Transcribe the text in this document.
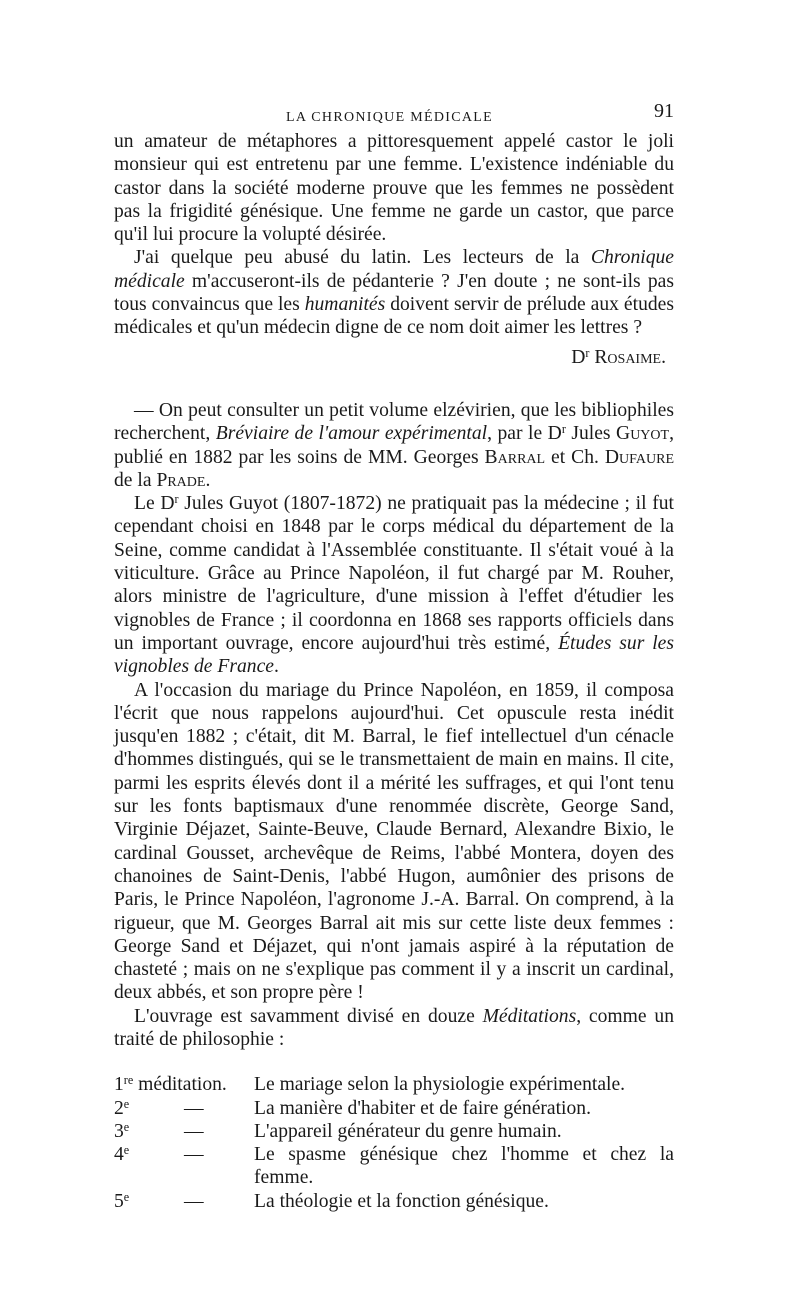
LA CHRONIQUE MÉDICALE	91

un amateur de métaphores a pittoresquement appelé castor le joli monsieur qui est entretenu par une femme. L'existence indéniable du castor dans la société moderne prouve que les femmes ne possèdent pas la frigidité génésique. Une femme ne garde un castor, que parce qu'il lui procure la volupté désirée.

J'ai quelque peu abusé du latin. Les lecteurs de la Chronique médicale m'accuseront-ils de pédanterie ? J'en doute ; ne sont-ils pas tous convaincus que les humanités doivent servir de prélude aux études médicales et qu'un médecin digne de ce nom doit aimer les lettres ?

$D^r$ Rosaime.

— On peut consulter un petit volume elzévirien, que les bibliophiles recherchent, Bréviaire de l'amour expérimental, par le $D^r$ Jules Guyot, publié en 1882 par les soins de MM. Georges Barral et Ch. Dufaure de la Prade.

Le $D^r$ Jules Guyot (1807-1872) ne pratiquait pas la médecine ; il fut cependant choisi en 1848 par le corps médical du département de la Seine, comme candidat à l'Assemblée constituante. Il s'était voué à la viticulture. Grâce au Prince Napoléon, il fut chargé par M. Rouher, alors ministre de l'agriculture, d'une mission à l'effet d'étudier les vignobles de France ; il coordonna en 1868 ses rapports officiels dans un important ouvrage, encore aujourd'hui très estimé, Études sur les vignobles de France.

A l'occasion du mariage du Prince Napoléon, en 1859, il composa l'écrit que nous rappelons aujourd'hui. Cet opuscule resta inédit jusqu'en 1882 ; c'était, dit M. Barral, le fief intellectuel d'un cénacle d'hommes distingués, qui se le transmettaient de main en mains. Il cite, parmi les esprits élevés dont il a mérité les suffrages, et qui l'ont tenu sur les fonts baptismaux d'une renommée discrète, George Sand, Virginie Déjazet, Sainte-Beuve, Claude Bernard, Alexandre Bixio, le cardinal Gousset, archevêque de Reims, l'abbé Montera, doyen des chanoines de Saint-Denis, l'abbé Hugon, aumônier des prisons de Paris, le Prince Napoléon, l'agronome J.-A. Barral. On comprend, à la rigueur, que M. Georges Barral ait mis sur cette liste deux femmes : George Sand et Déjazet, qui n'ont jamais aspiré à la réputation de chasteté ; mais on ne s'explique pas comment il y a inscrit un cardinal, deux abbés, et son propre père !

L'ouvrage est savamment divisé en douze Méditations, comme un traité de philosophie :

1re méditation.	Le mariage selon la physiologie expérimentale.
2e	—	La manière d'habiter et de faire génération.
3e	—	L'appareil générateur du genre humain.
4e	—	Le spasme génésique chez l'homme et chez la femme.
5e	—	La théologie et la fonction génésique.
